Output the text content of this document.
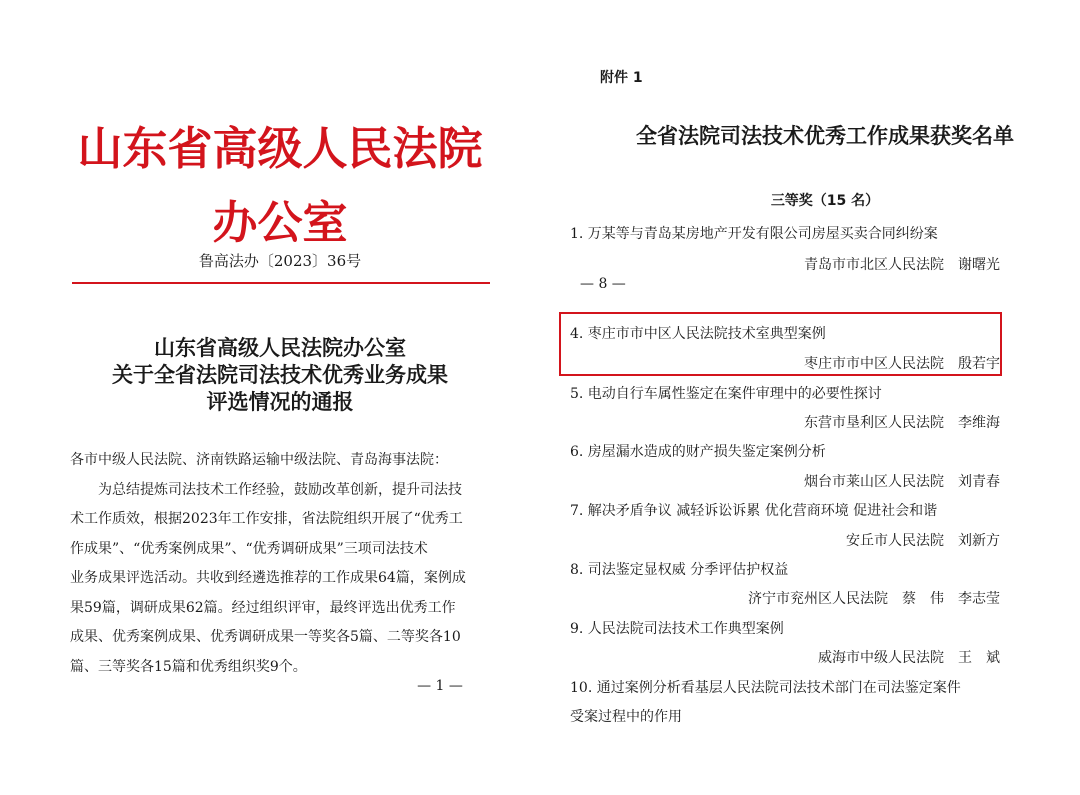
山东省高级人民法院办公室
鲁高法办〔2023〕36号
山东省高级人民法院办公室
关于全省法院司法技术优秀业务成果
评选情况的通报
各市中级人民法院、济南铁路运输中级法院、青岛海事法院：
为总结提炼司法技术工作经验，鼓励改革创新，提升司法技
术工作质效，根据2023年工作安排，省法院组织开展了“优秀工
作成果”、“优秀案例成果”、“优秀调研成果”三项司法技术
业务成果评选活动。共收到经遴选推荐的工作成果64篇，案例成
果59篇，调研成果62篇。经过组织评审，最终评选出优秀工作
成果、优秀案例成果、优秀调研成果一等奖各5篇、二等奖各10
篇、三等奖各15篇和优秀组织奖9个。
— 1 —
附件 1
全省法院司法技术优秀工作成果获奖名单
三等奖（15 名）
1. 万某等与青岛某房地产开发有限公司房屋买卖合同纠纷案
青岛市市北区人民法院　谢曙光
— 8 —
4. 枣庄市市中区人民法院技术室典型案例
枣庄市市中区人民法院　殷若宇
5. 电动自行车属性鉴定在案件审理中的必要性探讨
东营市垦利区人民法院　李维海
6. 房屋漏水造成的财产损失鉴定案例分析
烟台市莱山区人民法院　刘青春
7. 解决矛盾争议 减轻诉讼诉累 优化营商环境 促进社会和谐
安丘市人民法院　刘新方
8. 司法鉴定显权威 分季评估护权益
济宁市兖州区人民法院　蔡　伟　李志莹
9. 人民法院司法技术工作典型案例
威海市中级人民法院　王　斌
10. 通过案例分析看基层人民法院司法技术部门在司法鉴定案件
受案过程中的作用
